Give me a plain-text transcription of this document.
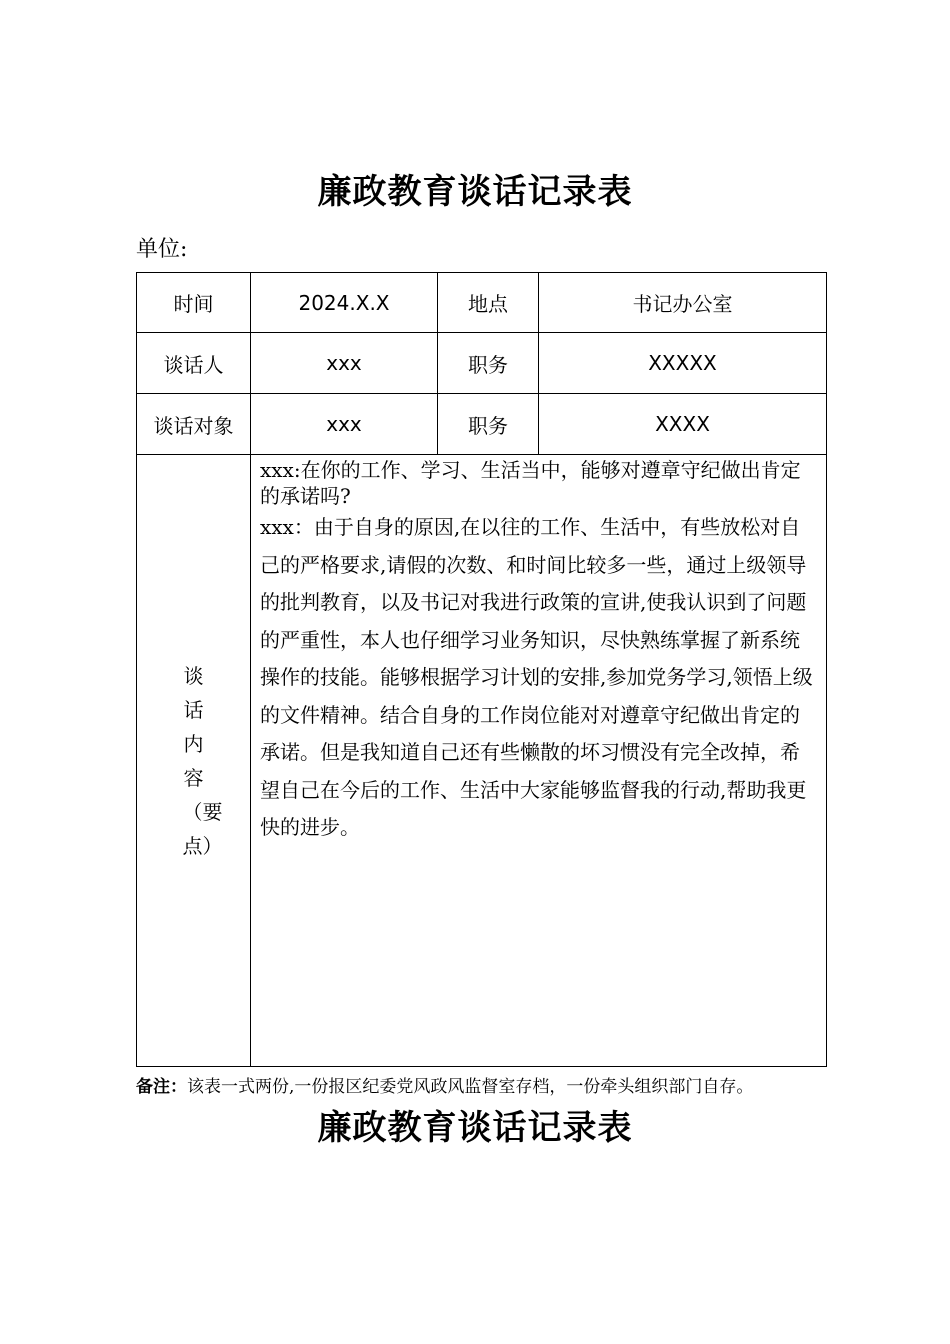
廉政教育谈话记录表
单位:
时间	2024.X.X	地点	书记办公室
谈话人	xxx	职务	XXXXX
谈话对象	xxx	职务	XXXX
谈话内容（要点）	xxx:在你的工作、学习、生活当中，能够对遵章守纪做出肯定的承诺吗?
xxx：由于自身的原因,在以往的工作、生活中，有些放松对自己的严格要求,请假的次数、和时间比较多一些，通过上级领导的批判教育，以及书记对我进行政策的宣讲,使我认识到了问题的严重性，本人也仔细学习业务知识，尽快熟练掌握了新系统操作的技能。能够根据学习计划的安排,参加党务学习,领悟上级的文件精神。结合自身的工作岗位能对对遵章守纪做出肯定的承诺。但是我知道自己还有些懒散的坏习惯没有完全改掉，希望自己在今后的工作、生活中大家能够监督我的行动,帮助我更快的进步。		
备注：该表一式两份,一份报区纪委党风政风监督室存档，一份牵头组织部门自存。
廉政教育谈话记录表
